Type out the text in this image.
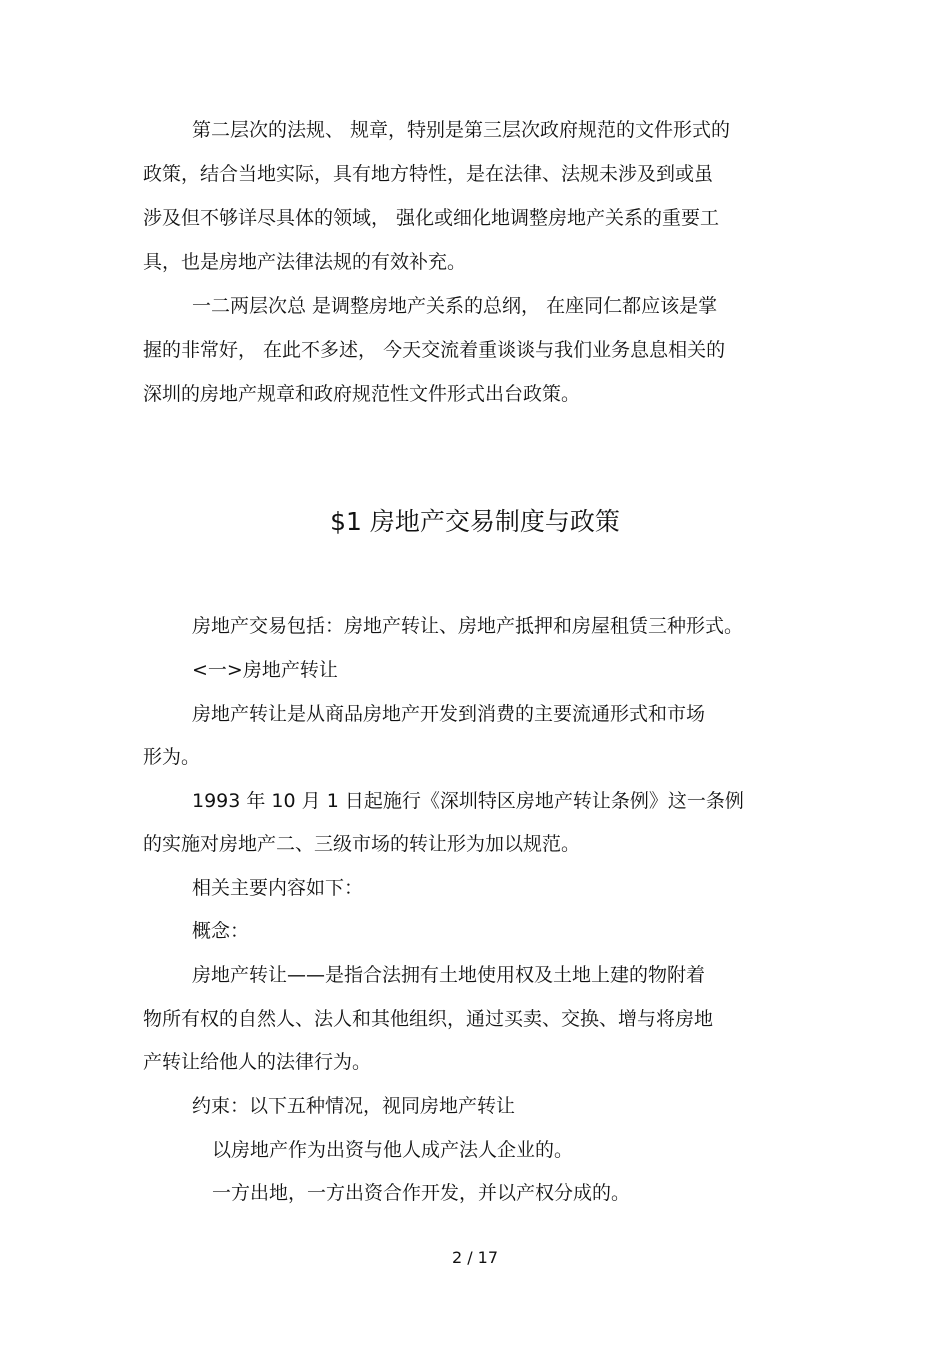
第二层次的法规、 规章，特别是第三层次政府规范的文件形式的
政策，结合当地实际，具有地方特性，是在法律、法规未涉及到或虽
涉及但不够详尽具体的领域， 强化或细化地调整房地产关系的重要工
具，也是房地产法律法规的有效补充。
一二两层次总 是调整房地产关系的总纲， 在座同仁都应该是掌
握的非常好， 在此不多述， 今天交流着重谈谈与我们业务息息相关的
深圳的房地产规章和政府规范性文件形式出台政策。
$1 房地产交易制度与政策
房地产交易包括：房地产转让、房地产抵押和房屋租赁三种形式。
<一>房地产转让
房地产转让是从商品房地产开发到消费的主要流通形式和市场
形为。
1993 年 10 月 1 日起施行《深圳特区房地产转让条例》这一条例
的实施对房地产二、三级市场的转让形为加以规范。
相关主要内容如下：
概念：
房地产转让——是指合法拥有土地使用权及土地上建的物附着
物所有权的自然人、法人和其他组织，通过买卖、交换、增与将房地
产转让给他人的法律行为。
约束：以下五种情况，视同房地产转让
以房地产作为出资与他人成产法人企业的。
一方出地，一方出资合作开发，并以产权分成的。
2 / 17
